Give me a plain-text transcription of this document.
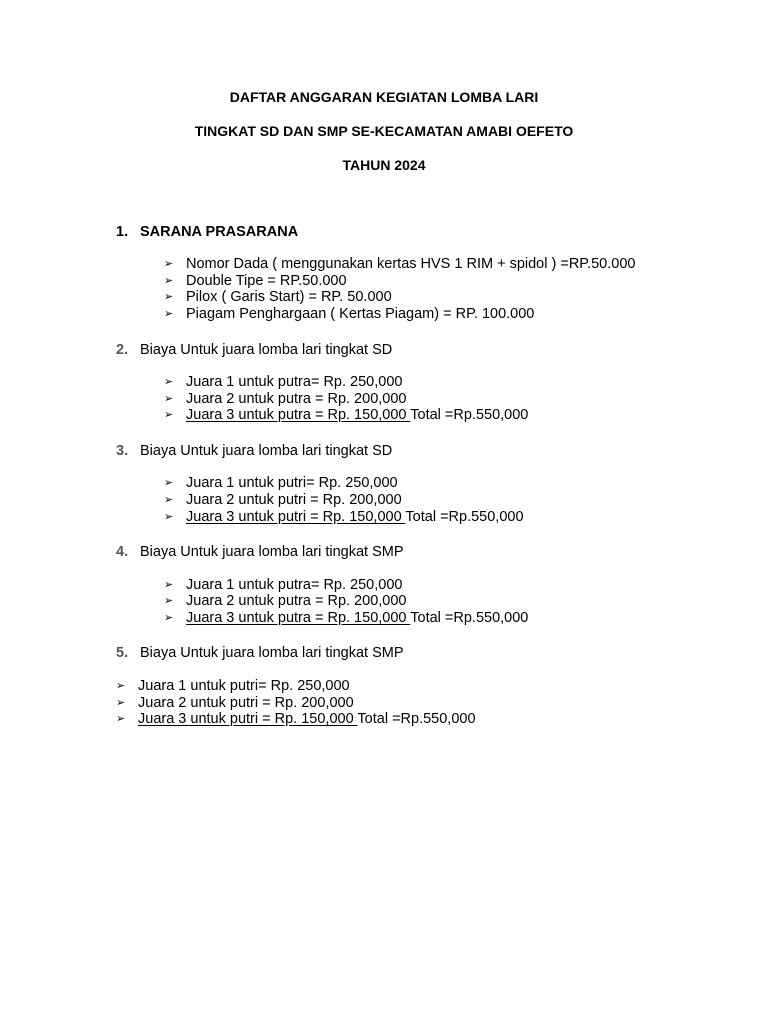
DAFTAR ANGGARAN KEGIATAN LOMBA LARI
TINGKAT SD DAN SMP SE-KECAMATAN AMABI OEFETO
TAHUN 2024
1. SARANA PRASARANA
➢ Nomor Dada ( menggunakan kertas HVS 1 RIM + spidol ) =RP.50.000
➢ Double Tipe = RP.50.000
➢ Pilox ( Garis Start) = RP. 50.000
➢ Piagam Penghargaan ( Kertas Piagam) = RP. 100.000
2. Biaya Untuk juara lomba lari tingkat SD
➢ Juara 1 untuk putra= Rp. 250,000
➢ Juara 2 untuk putra = Rp. 200,000
➢ Juara 3 untuk putra = Rp. 150,000 Total =Rp.550,000
3. Biaya Untuk juara lomba lari tingkat SD
➢ Juara 1 untuk putri= Rp. 250,000
➢ Juara 2 untuk putri = Rp. 200,000
➢ Juara 3 untuk putri = Rp. 150,000 Total =Rp.550,000
4. Biaya Untuk juara lomba lari tingkat SMP
➢ Juara 1 untuk putra= Rp. 250,000
➢ Juara 2 untuk putra = Rp. 200,000
➢ Juara 3 untuk putra = Rp. 150,000 Total =Rp.550,000
5. Biaya Untuk juara lomba lari tingkat SMP
➢ Juara 1 untuk putri= Rp. 250,000
➢ Juara 2 untuk putri = Rp. 200,000
➢ Juara 3 untuk putri = Rp. 150,000 Total =Rp.550,000
